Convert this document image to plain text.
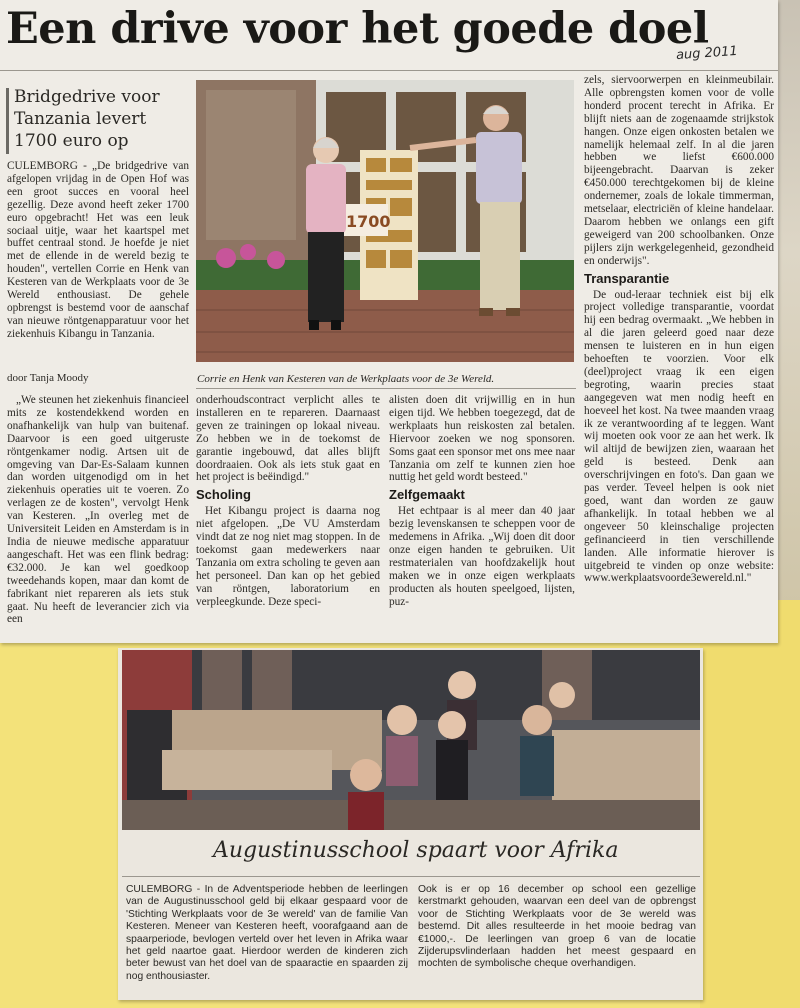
Een drive voor het goede doel
aug 2011
Bridgedrive voor Tanzania levert 1700 euro op

CULEMBORG - „De bridgedrive van afgelopen vrijdag in de Open Hof was een groot succes en vooral heel gezellig. Deze avond heeft zeker 1700 euro opgebracht! Het was een leuk sociaal uitje, waar het kaartspel met buffet centraal stond. Je hoefde je niet met de ellende in de wereld bezig te houden", vertellen Corrie en Henk van Kesteren van de Werkplaats voor de 3e Wereld enthousiast. De gehele opbrengst is bestemd voor de aanschaf van nieuwe röntgenapparatuur voor het ziekenhuis Kibangu in Tanzania.

door Tanja Moody

„We steunen het ziekenhuis financieel mits ze kostendekkend worden en onafhankelijk van hulp van buitenaf. Daarvoor is een goed uitgeruste röntgenkamer nodig. Artsen uit de omgeving van Dar-Es-Salaam kunnen dan worden uitgenodigd om in het ziekenhuis operaties uit te voeren. Zo verlagen ze de kosten", vervolgt Henk van Kesteren. „In overleg met de Universiteit Leiden en Amsterdam is in India de nieuwe medische apparatuur aangeschaft. Het was een flink bedrag: €32.000. Je kan wel goedkoop tweedehands kopen, maar dan komt de fabrikant niet repareren als iets stuk gaat. Nu heeft de leverancier zich via een

onderhoudscontract verplicht alles te installeren en te repareren. Daarnaast geven ze trainingen op lokaal niveau. Zo hebben we in de toekomst de garantie ingebouwd, dat alles blijft doordraaien. Ook als iets stuk gaat en het project is beëindigd."

Scholing

Het Kibangu project is daarna nog niet afgelopen. „De VU Amsterdam vindt dat ze nog niet mag stoppen. In de toekomst gaan medewerkers naar Tanzania om extra scholing te geven aan het personeel. Dan kan op het gebied van röntgen, laboratorium en verpleegkunde. Deze speci-

alisten doen dit vrijwillig en in hun eigen tijd. We hebben toegezegd, dat de werkplaats hun reiskosten zal betalen. Hiervoor zoeken we nog sponsoren. Soms gaat een sponsor met ons mee naar Tanzania om zelf te kunnen zien hoe nuttig het geld wordt besteed."

Zelfgemaakt

Het echtpaar is al meer dan 40 jaar bezig levenskansen te scheppen voor de medemens in Afrika. „Wij doen dit door onze eigen handen te gebruiken. Uit restmaterialen van hoofdzakelijk hout maken we in onze eigen werkplaats producten als houten speelgoed, lijsten, puz-

zels, siervoorwerpen en kleinmeubilair. Alle opbrengsten komen voor de volle honderd procent terecht in Afrika. Er blijft niets aan de zogenaamde strijkstok hangen. Onze eigen onkosten betalen we namelijk helemaal zelf. In al die jaren hebben we liefst €600.000 bijeengebracht. Daarvan is zeker €450.000 terechtgekomen bij de kleine ondernemer, zoals de lokale timmerman, metselaar, electriciën of kleine handelaar. Daarom hebben we onlangs een gift geweigerd van 200 schoolbanken. Onze pijlers zijn werkgelegenheid, gezondheid en onderwijs".

Transparantie

De oud-leraar techniek eist bij elk project volledige transparantie, voordat hij een bedrag overmaakt. „We hebben in al die jaren geleerd goed naar deze mensen te luisteren en in hun eigen behoeften te voorzien. Voor elk (deel)project vraag ik een eigen begroting, waarin precies staat aangegeven wat men nodig heeft en hoeveel het kost. Na twee maanden vraag ik ze verantwoording af te leggen. Want wij moeten ook voor ze aan het werk. Ik wil altijd de bewijzen zien, waaraan het geld is besteed. Denk aan overschrijvingen en foto's. Dan gaan we pas verder. Teveel helpen is ook niet goed, want dan worden ze gauw afhankelijk. In totaal hebben we al ongeveer 50 kleinschalige projecten gefinancieerd in tien verschillende landen. Alle informatie hierover is uitgebreid te vinden op onze website: www.werkplaatsvoorde3ewereld.nl."

1700
Corrie en Henk van Kesteren van de Werkplaats voor de 3e Wereld.
Augustinusschool spaart voor Afrika
CULEMBORG - In de Adventsperiode hebben de leerlingen van de Augustinusschool geld bij elkaar gespaard voor de 'Stichting Werkplaats voor de 3e wereld' van de familie Van Kesteren. Meneer van Kesteren heeft, voorafgaand aan de spaarperiode, bevlogen verteld over het leven in Afrika waar het geld naartoe gaat. Hierdoor werden de kinderen zich beter bewust van het doel van de spaaractie en spaarden zij nog enthousiaster.
Ook is er op 16 december op school een gezellige kerstmarkt gehouden, waarvan een deel van de opbrengst voor de Stichting Werkplaats voor de 3e wereld was bestemd. Dit alles resulteerde in het mooie bedrag van €1000,-. De leerlingen van groep 6 van de locatie Zijderupsvlinderlaan hadden het meest gespaard en mochten de symbolische cheque overhandigen.
